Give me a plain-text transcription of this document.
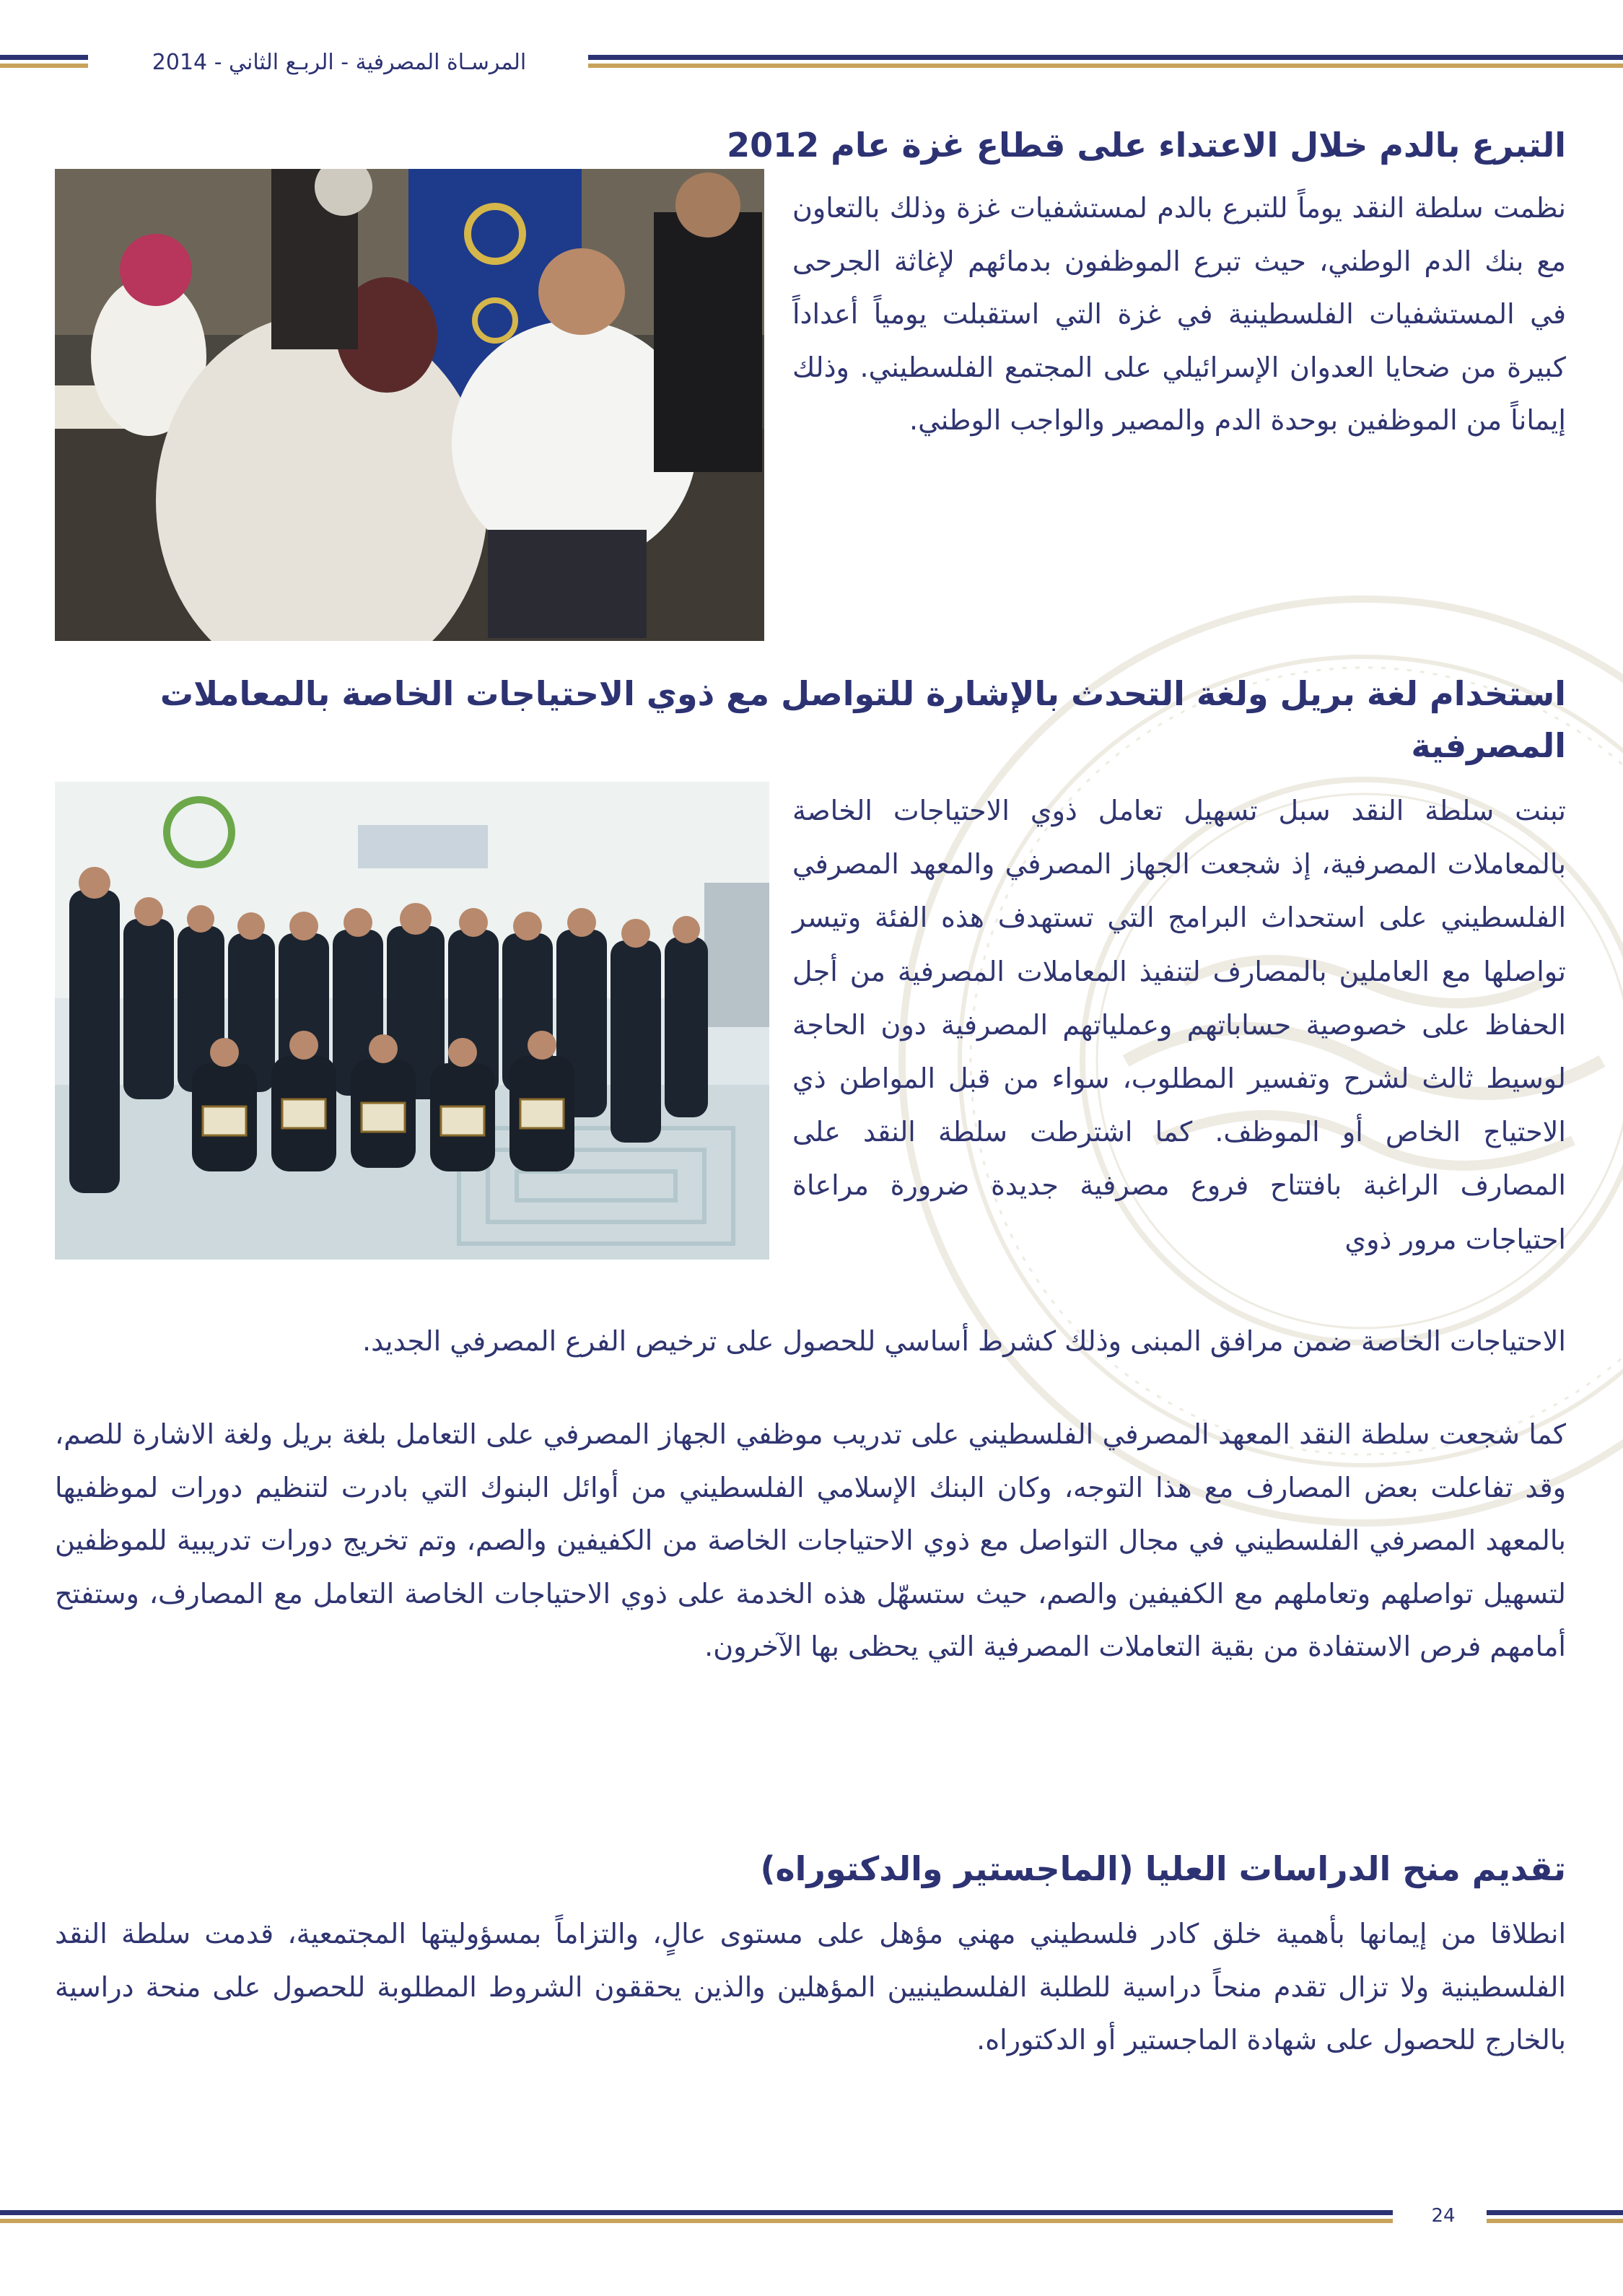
المرسـاة المصرفية - الربـع الثاني - 2014
التبرع بالدم خلال الاعتداء على قطاع غزة عام 2012
نظمت سلطة النقد يوماً للتبرع بالدم لمستشفيات غزة وذلك بالتعاون مع بنك الدم الوطني، حيث تبرع الموظفون بدمائهم لإغاثة الجرحى في المستشفيات الفلسطينية في غزة التي استقبلت يومياً أعداداً كبيرة من ضحايا العدوان الإسرائيلي على المجتمع الفلسطيني. وذلك إيماناً من الموظفين بوحدة الدم والمصير والواجب الوطني.
استخدام لغة بريل ولغة التحدث بالإشارة للتواصل مع ذوي الاحتياجات الخاصة بالمعاملات المصرفية
تبنت سلطة النقد سبل تسهيل تعامل ذوي الاحتياجات الخاصة بالمعاملات المصرفية، إذ شجعت الجهاز المصرفي والمعهد المصرفي الفلسطيني على استحداث البرامج التي تستهدف هذه الفئة وتيسر تواصلها مع العاملين بالمصارف لتنفيذ المعاملات المصرفية من أجل الحفاظ على خصوصية حساباتهم وعملياتهم المصرفية دون الحاجة لوسيط ثالث لشرح وتفسير المطلوب، سواء من قبل المواطن ذي الاحتياج الخاص أو الموظف. كما اشترطت سلطة النقد على المصارف الراغبة بافتتاح فروع مصرفية جديدة ضرورة مراعاة احتياجات مرور ذوي
الاحتياجات الخاصة ضمن مرافق المبنى وذلك كشرط أساسي للحصول على ترخيص الفرع المصرفي الجديد.
كما شجعت سلطة النقد المعهد المصرفي الفلسطيني على تدريب موظفي الجهاز المصرفي على التعامل بلغة بريل ولغة الاشارة للصم، وقد تفاعلت بعض المصارف مع هذا التوجه، وكان البنك الإسلامي الفلسطيني من أوائل البنوك التي بادرت لتنظيم دورات لموظفيها بالمعهد المصرفي الفلسطيني في مجال التواصل مع ذوي الاحتياجات الخاصة من الكفيفين والصم، وتم تخريج دورات تدريبية للموظفين لتسهيل تواصلهم وتعاملهم مع الكفيفين والصم، حيث ستسهّل هذه الخدمة على ذوي الاحتياجات الخاصة التعامل مع المصارف، وستفتح أمامهم فرص الاستفادة من بقية التعاملات المصرفية التي يحظى بها الآخرون.
تقديم منح الدراسات العليا (الماجستير والدكتوراه)
انطلاقا من إيمانها بأهمية خلق كادر فلسطيني مهني مؤهل على مستوى عالٍ، والتزاماً بمسؤوليتها المجتمعية، قدمت سلطة النقد الفلسطينية ولا تزال تقدم منحاً دراسية للطلبة الفلسطينيين المؤهلين والذين يحققون الشروط المطلوبة للحصول على منحة دراسية بالخارج للحصول على شهادة الماجستير أو الدكتوراه.
24
